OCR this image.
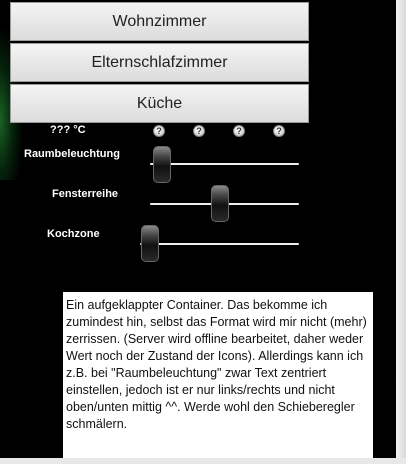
Wohnzimmer
Elternschlafzimmer
Küche
??? °C	?	?	?	?
Raumbeleuchtung
Fensterreihe
Kochzone
Ein aufgeklappter Container. Das bekomme ich zumindest hin, selbst das Format wird mir nicht (mehr) zerrissen. (Server wird offline bearbeitet, daher weder Wert noch der Zustand der Icons). Allerdings kann ich z.B. bei "Raumbeleuchtung" zwar Text zentriert einstellen, jedoch ist er nur links/rechts und nicht oben/unten mittig ^^. Werde wohl den Schieberegler schmälern.
